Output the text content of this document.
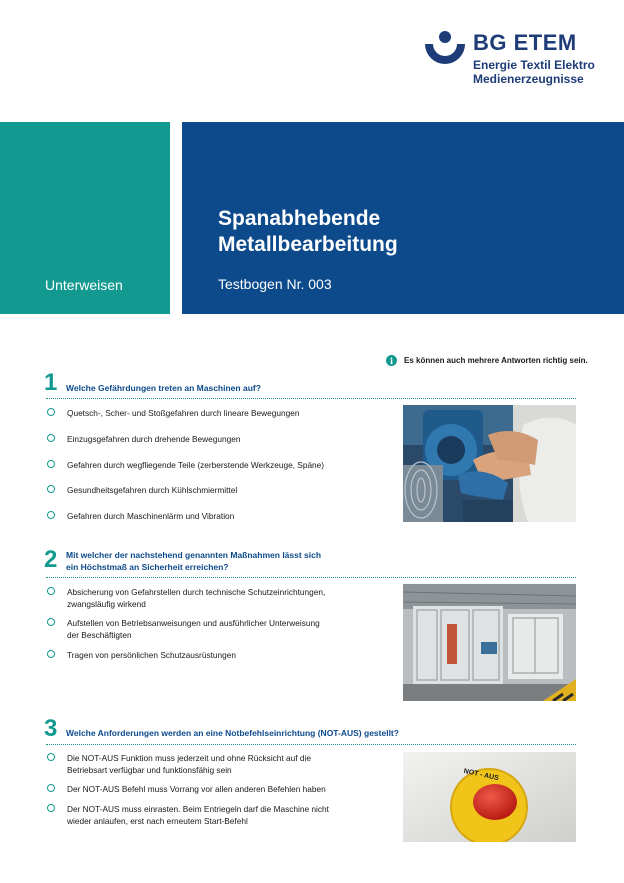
BG ETEM
Energie Textil Elektro
Medienerzeugnisse
Unterweisen
Spanabhebende
Metallbearbeitung
Testbogen Nr. 003
i	Es können auch mehrere Antworten richtig sein.
1 Welche Gefährdungen treten an Maschinen auf?
Quetsch-, Scher- und Stoßgefahren durch lineare Bewegungen
Einzugsgefahren durch drehende Bewegungen
Gefahren durch wegfliegende Teile (zerberstende Werkzeuge, Späne)
Gesundheitsgefahren durch Kühlschmiermittel
Gefahren durch Maschinenlärm und Vibration
2 Mit welcher der nachstehend genannten Maßnahmen lässt sich
ein Höchstmaß an Sicherheit erreichen?
Absicherung von Gefahrstellen durch technische Schutzeinrichtungen,
zwangsläufig wirkend
Aufstellen von Betriebsanweisungen und ausführlicher Unterweisung
der Beschäftigten
Tragen von persönlichen Schutzausrüstungen
3 Welche Anforderungen werden an eine Notbefehlseinrichtung (NOT-AUS) gestellt?
Die NOT-AUS Funktion muss jederzeit und ohne Rücksicht auf die
Betriebsart verfügbar und funktionsfähig sein
Der NOT-AUS Befehl muss Vorrang vor allen anderen Befehlen haben
Der NOT-AUS muss einrasten. Beim Entriegeln darf die Maschine nicht
wieder anlaufen, erst nach erneutem Start-Befehl
NOT - AUS
